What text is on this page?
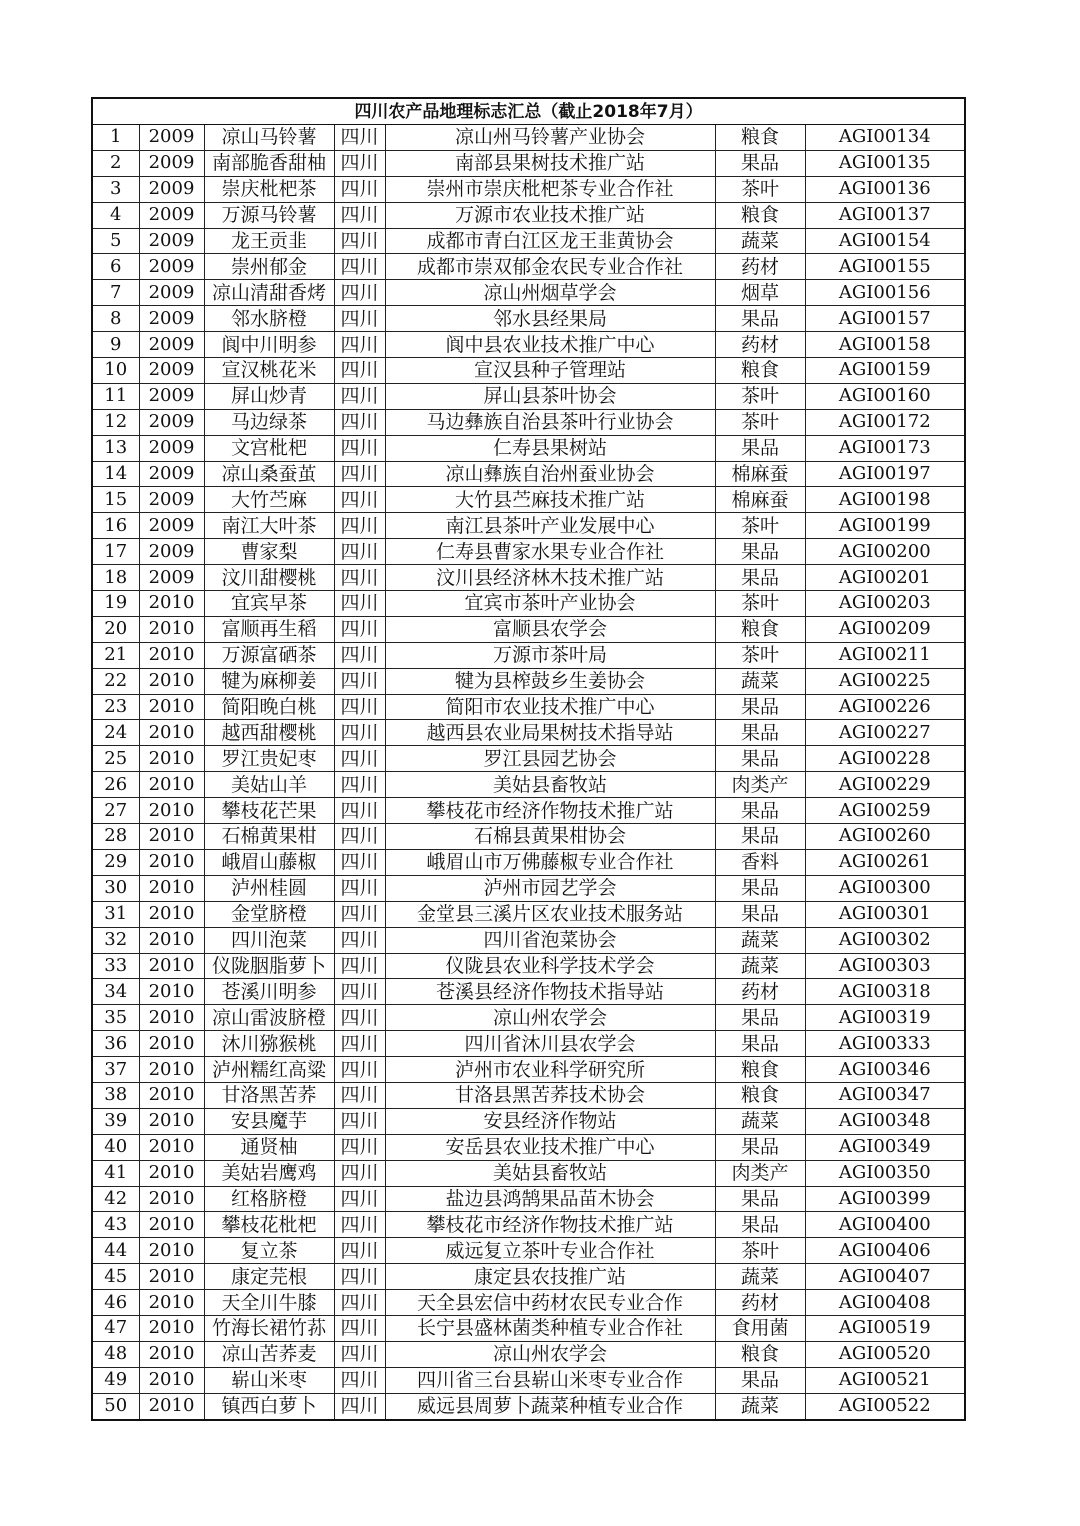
四川农产品地理标志汇总（截止2018年7月）						
1	2009	凉山马铃薯	四川	凉山州马铃薯产业协会	粮食	AGI00134
2	2009	南部脆香甜柚	四川	南部县果树技术推广站	果品	AGI00135
3	2009	崇庆枇杷茶	四川	崇州市崇庆枇杷茶专业合作社	茶叶	AGI00136
4	2009	万源马铃薯	四川	万源市农业技术推广站	粮食	AGI00137
5	2009	龙王贡韭	四川	成都市青白江区龙王韭黄协会	蔬菜	AGI00154
6	2009	崇州郁金	四川	成都市崇双郁金农民专业合作社	药材	AGI00155
7	2009	凉山清甜香烤	四川	凉山州烟草学会	烟草	AGI00156
8	2009	邻水脐橙	四川	邻水县经果局	果品	AGI00157
9	2009	阆中川明参	四川	阆中县农业技术推广中心	药材	AGI00158
10	2009	宣汉桃花米	四川	宣汉县种子管理站	粮食	AGI00159
11	2009	屏山炒青	四川	屏山县茶叶协会	茶叶	AGI00160
12	2009	马边绿茶	四川	马边彝族自治县茶叶行业协会	茶叶	AGI00172
13	2009	文宫枇杷	四川	仁寿县果树站	果品	AGI00173
14	2009	凉山桑蚕茧	四川	凉山彝族自治州蚕业协会	棉麻蚕	AGI00197
15	2009	大竹苎麻	四川	大竹县苎麻技术推广站	棉麻蚕	AGI00198
16	2009	南江大叶茶	四川	南江县茶叶产业发展中心	茶叶	AGI00199
17	2009	曹家梨	四川	仁寿县曹家水果专业合作社	果品	AGI00200
18	2009	汶川甜樱桃	四川	汶川县经济林木技术推广站	果品	AGI00201
19	2010	宜宾早茶	四川	宜宾市茶叶产业协会	茶叶	AGI00203
20	2010	富顺再生稻	四川	富顺县农学会	粮食	AGI00209
21	2010	万源富硒茶	四川	万源市茶叶局	茶叶	AGI00211
22	2010	犍为麻柳姜	四川	犍为县榨鼓乡生姜协会	蔬菜	AGI00225
23	2010	简阳晚白桃	四川	简阳市农业技术推广中心	果品	AGI00226
24	2010	越西甜樱桃	四川	越西县农业局果树技术指导站	果品	AGI00227
25	2010	罗江贵妃枣	四川	罗江县园艺协会	果品	AGI00228
26	2010	美姑山羊	四川	美姑县畜牧站	肉类产	AGI00229
27	2010	攀枝花芒果	四川	攀枝花市经济作物技术推广站	果品	AGI00259
28	2010	石棉黄果柑	四川	石棉县黄果柑协会	果品	AGI00260
29	2010	峨眉山藤椒	四川	峨眉山市万佛藤椒专业合作社	香料	AGI00261
30	2010	泸州桂圆	四川	泸州市园艺学会	果品	AGI00300
31	2010	金堂脐橙	四川	金堂县三溪片区农业技术服务站	果品	AGI00301
32	2010	四川泡菜	四川	四川省泡菜协会	蔬菜	AGI00302
33	2010	仪陇胭脂萝卜	四川	仪陇县农业科学技术学会	蔬菜	AGI00303
34	2010	苍溪川明参	四川	苍溪县经济作物技术指导站	药材	AGI00318
35	2010	凉山雷波脐橙	四川	凉山州农学会	果品	AGI00319
36	2010	沐川猕猴桃	四川	四川省沐川县农学会	果品	AGI00333
37	2010	泸州糯红高粱	四川	泸州市农业科学研究所	粮食	AGI00346
38	2010	甘洛黑苦荞	四川	甘洛县黑苦荞技术协会	粮食	AGI00347
39	2010	安县魔芋	四川	安县经济作物站	蔬菜	AGI00348
40	2010	通贤柚	四川	安岳县农业技术推广中心	果品	AGI00349
41	2010	美姑岩鹰鸡	四川	美姑县畜牧站	肉类产	AGI00350
42	2010	红格脐橙	四川	盐边县鸿鹄果品苗木协会	果品	AGI00399
43	2010	攀枝花枇杷	四川	攀枝花市经济作物技术推广站	果品	AGI00400
44	2010	复立茶	四川	威远复立茶叶专业合作社	茶叶	AGI00406
45	2010	康定芫根	四川	康定县农技推广站	蔬菜	AGI00407
46	2010	天全川牛膝	四川	天全县宏信中药材农民专业合作	药材	AGI00408
47	2010	竹海长裙竹荪	四川	长宁县盛林菌类种植专业合作社	食用菌	AGI00519
48	2010	凉山苦荞麦	四川	凉山州农学会	粮食	AGI00520
49	2010	崭山米枣	四川	四川省三台县崭山米枣专业合作	果品	AGI00521
50	2010	镇西白萝卜	四川	威远县周萝卜蔬菜种植专业合作	蔬菜	AGI00522
